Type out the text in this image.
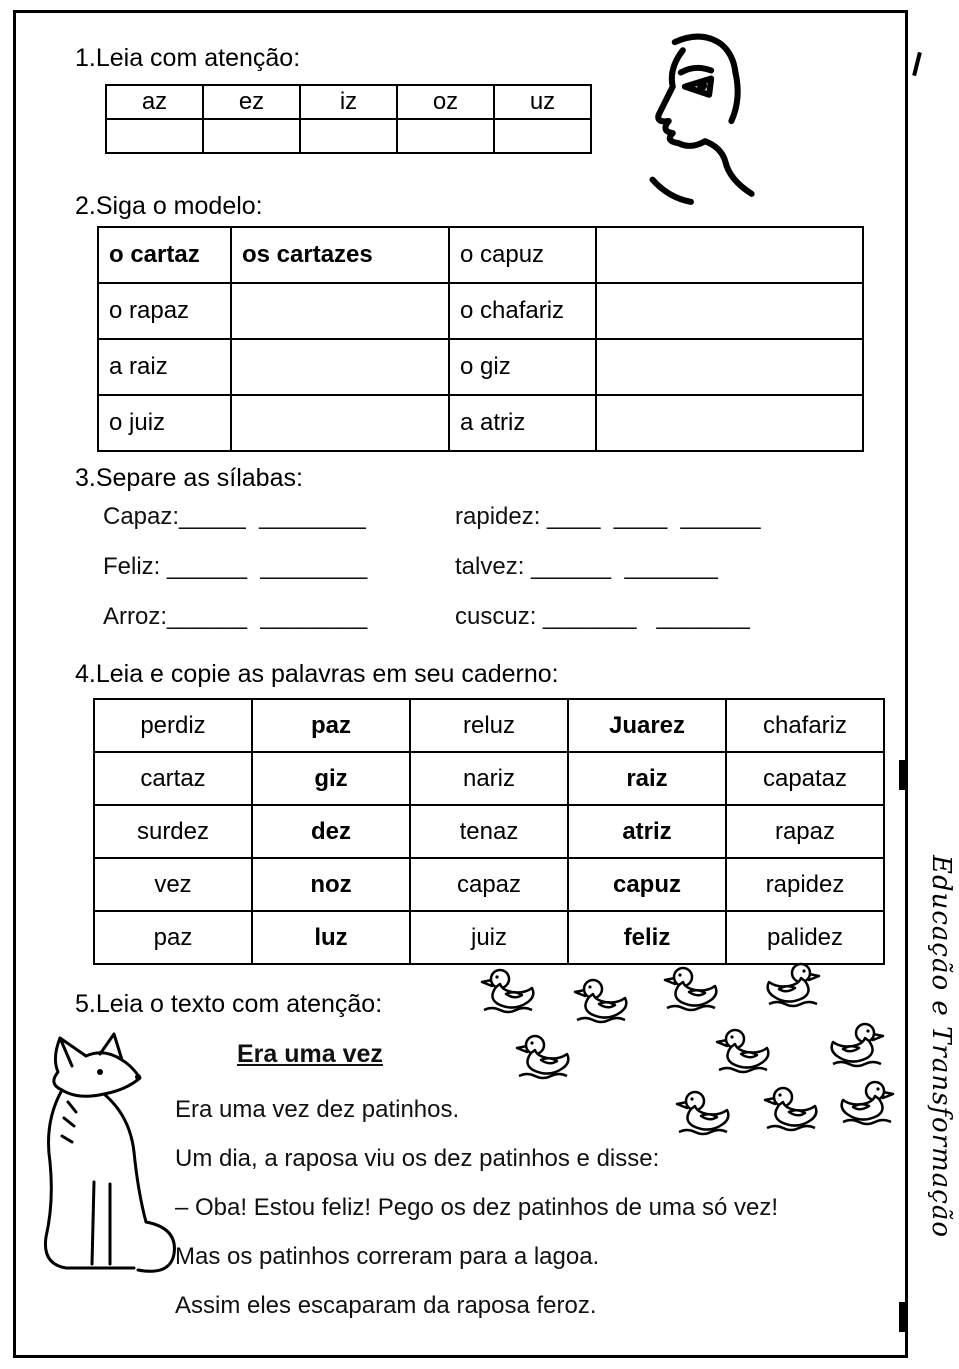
1.Leia com atenção:
az	ez	iz	oz	uz

2.Siga o modelo:
o cartaz	os cartazes	o capuz	
o rapaz		o chafariz	
a raiz		o giz	
o juiz		a atriz	
3.Separe as sílabas:
Capaz:_____  ________	rapidez: ____  ____  ______
Feliz: ______  ________	talvez: ______  _______
Arroz:______  ________	cuscuz: _______   _______
4.Leia e copie as palavras em seu caderno:
perdiz	paz	reluz	Juarez	chafariz
cartaz	giz	nariz	raiz	capataz
surdez	dez	tenaz	atriz	rapaz
vez	noz	capaz	capuz	rapidez
paz	luz	juiz	feliz	palidez
5.Leia o texto com atenção:
Era uma vez

Era uma vez dez patinhos.

Um dia, a raposa viu os dez patinhos e disse:

– Oba! Estou feliz! Pego os dez patinhos de uma só vez!

Mas os patinhos correram para a lagoa.

Assim eles escaparam da raposa feroz.

Educação e Transformação
